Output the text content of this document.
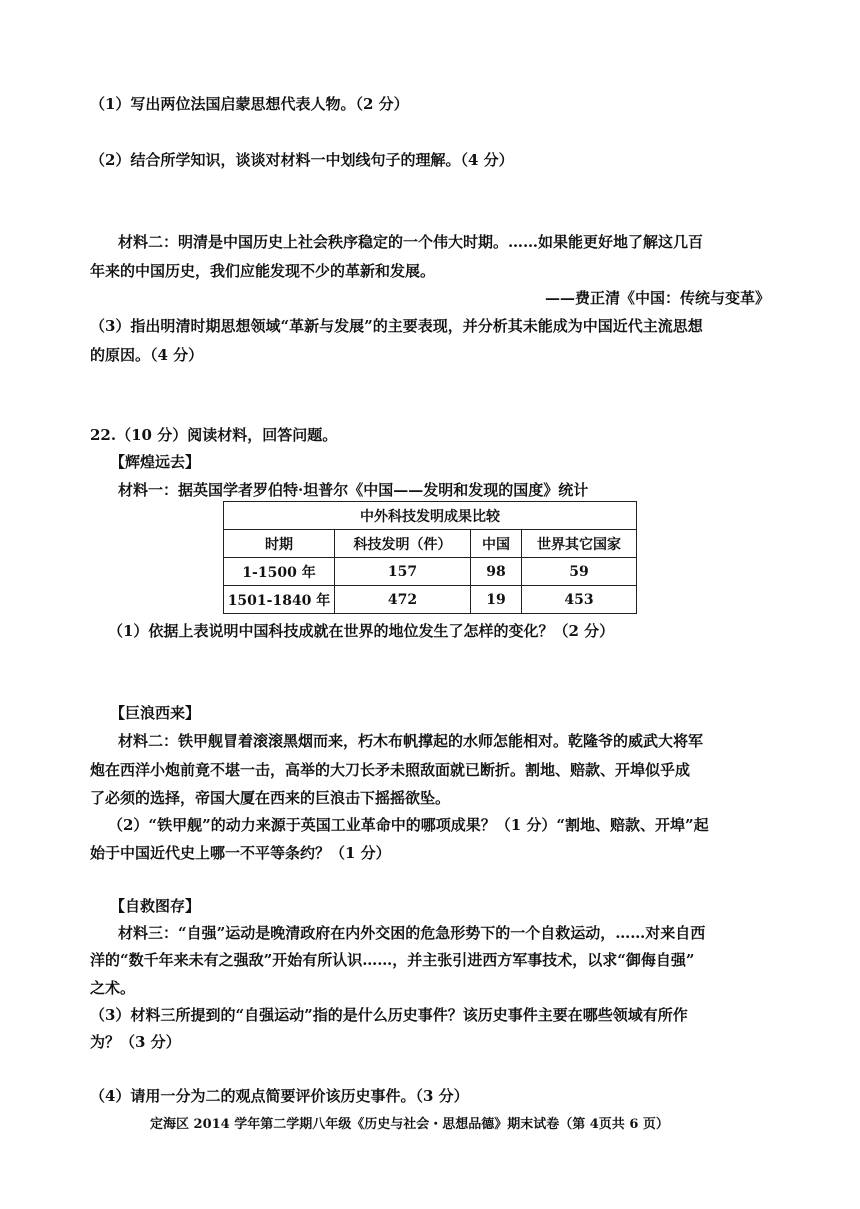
（1）写出两位法国启蒙思想代表人物。（2 分）
（2）结合所学知识，谈谈对材料一中划线句子的理解。（4 分）
材料二：明清是中国历史上社会秩序稳定的一个伟大时期。……如果能更好地了解这几百
年来的中国历史，我们应能发现不少的革新和发展。
——费正清《中国：传统与变革》
（3）指出明清时期思想领域“革新与发展”的主要表现，并分析其未能成为中国近代主流思想
的原因。（4 分）
22.（10 分）阅读材料，回答问题。
【辉煌远去】
材料一：据英国学者罗伯特·坦普尔《中国——发明和发现的国度》统计
中外科技发明成果比较			
时期	科技发明（件）	中国	世界其它国家
1-1500 年	157	98	59
1501-1840 年	472	19	453
（1）依据上表说明中国科技成就在世界的地位发生了怎样的变化？（2 分）
【巨浪西来】
材料二：铁甲舰冒着滚滚黑烟而来，朽木布帆撑起的水师怎能相对。乾隆爷的威武大将军
炮在西洋小炮前竟不堪一击，高举的大刀长矛未照敌面就已断折。割地、赔款、开埠似乎成
了必须的选择，帝国大厦在西来的巨浪击下摇摇欲坠。
（2）“铁甲舰”的动力来源于英国工业革命中的哪项成果？（1 分）“割地、赔款、开埠”起
始于中国近代史上哪一不平等条约？（1 分）
【自救图存】
材料三：“自强”运动是晚清政府在内外交困的危急形势下的一个自救运动，……对来自西
洋的“数千年来未有之强敌”开始有所认识……，并主张引进西方军事技术，以求“御侮自强”
之术。
（3）材料三所提到的“自强运动”指的是什么历史事件？该历史事件主要在哪些领域有所作
为？（3 分）
（4）请用一分为二的观点简要评价该历史事件。（3 分）
定海区 2014 学年第二学期八年级《历史与社会・思想品德》期末试卷（第 4页共 6 页）
